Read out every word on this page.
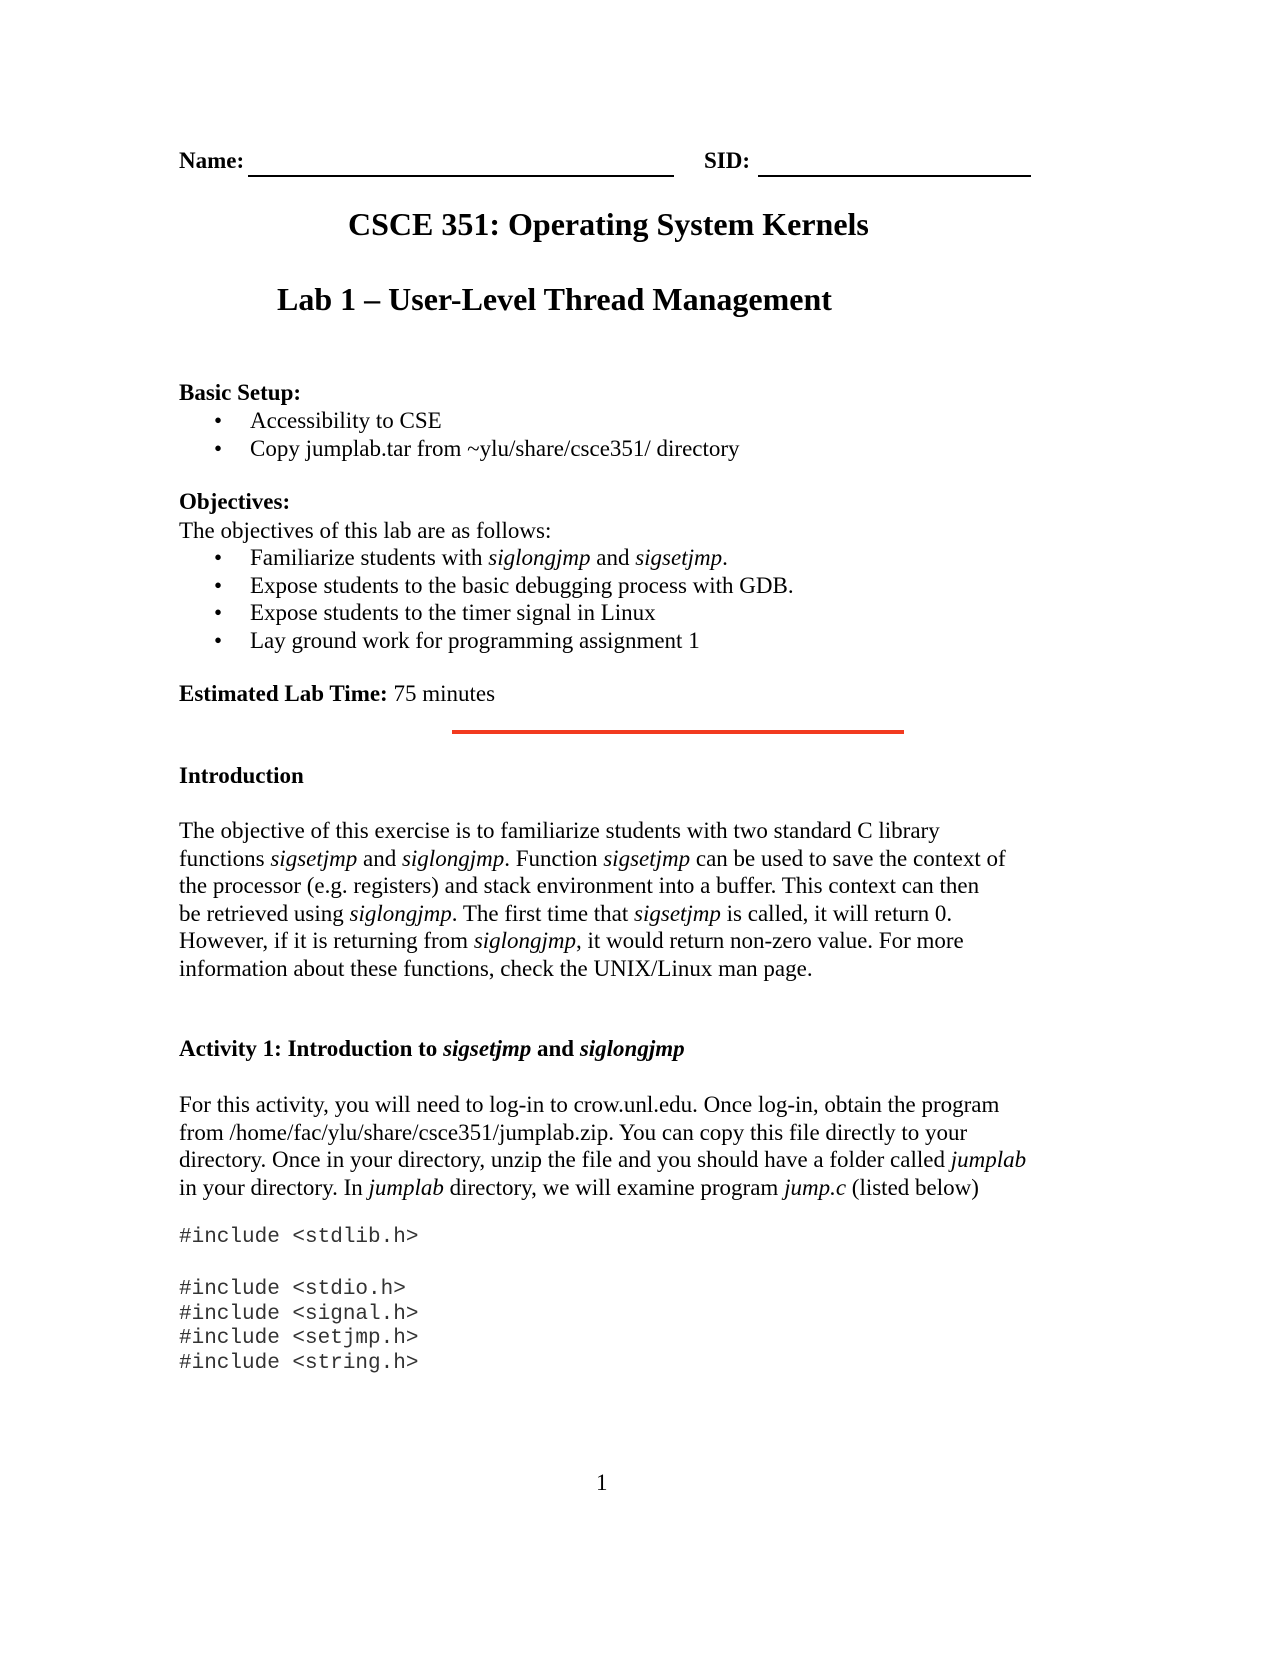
Name:	SID:
CSCE 351: Operating System Kernels
Lab 1 – User-Level Thread Management
Basic Setup:
• Accessibility to CSE
• Copy jumplab.tar from ~ylu/share/csce351/ directory
Objectives:
The objectives of this lab are as follows:
• Familiarize students with siglongjmp and sigsetjmp.
• Expose students to the basic debugging process with GDB.
• Expose students to the timer signal in Linux
• Lay ground work for programming assignment 1
Estimated Lab Time: 75 minutes
Introduction
The objective of this exercise is to familiarize students with two standard C library
functions sigsetjmp and siglongjmp. Function sigsetjmp can be used to save the context of
the processor (e.g. registers) and stack environment into a buffer. This context can then
be retrieved using siglongjmp. The first time that sigsetjmp is called, it will return 0.
However, if it is returning from siglongjmp, it would return non-zero value. For more
information about these functions, check the UNIX/Linux man page.
Activity 1: Introduction to sigsetjmp and siglongjmp
For this activity, you will need to log-in to crow.unl.edu. Once log-in, obtain the program
from /home/fac/ylu/share/csce351/jumplab.zip. You can copy this file directly to your
directory. Once in your directory, unzip the file and you should have a folder called jumplab
in your directory. In jumplab directory, we will examine program jump.c (listed below)
#include <stdlib.h>
#include <stdio.h>
#include <signal.h>
#include <setjmp.h>
#include <string.h>
1
